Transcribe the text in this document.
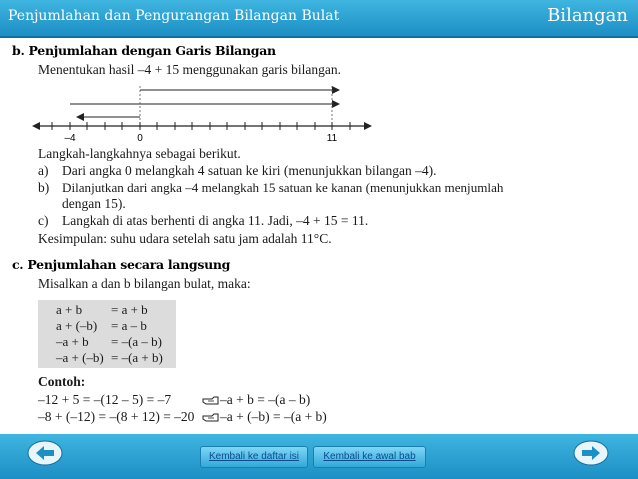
Penjumlahan dan Pengurangan Bilangan Bulat	Bilangan
b. Penjumlahan dengan Garis Bilangan
Menentukan hasil –4 + 15 menggunakan garis bilangan.
–4	0	11
Langkah-langkahnya sebagai berikut.
a) Dari angka 0 melangkah 4 satuan ke kiri (menunjukkan bilangan –4).
b) Dilanjutkan dari angka –4 melangkah 15 satuan ke kanan (menunjukkan menjumlah
dengan 15).
c) Langkah di atas berhenti di angka 11. Jadi, –4 + 15 = 11.
Kesimpulan: suhu udara setelah satu jam adalah 11°C.
c. Penjumlahan secara langsung
Misalkan a dan b bilangan bulat, maka:
a + b = a + b
a + (–b) = a – b
–a + b = –(a – b)
–a + (–b) = –(a + b)
Contoh:
–12 + 5 = –(12 – 5) = –7	–a + b = –(a – b)
–8 + (–12) = –(8 + 12) = –20 –a + (–b) = –(a + b)
Kembali ke daftar isi	Kembali ke awal bab
